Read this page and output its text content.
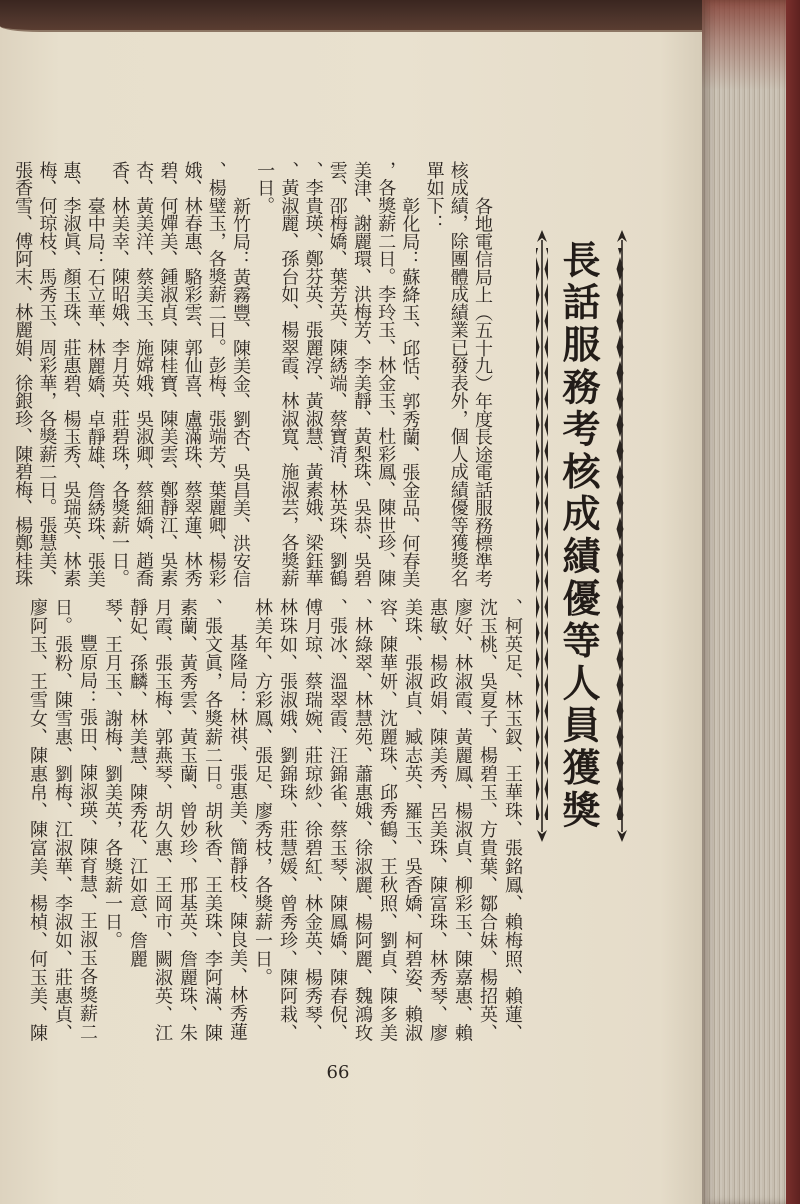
長話服務考核成績優等人員獲獎

各地電信局上（五十九）年度長途電話服務標準考

核成績，除團體成績業已發表外，個人成績優等獲獎名

單如下：

彰化局：蘇絳玉、邱恬、郭秀蘭、張金品、何春美

，各獎薪二日。李玲玉、林金玉、杜彩鳳、陳世珍、陳

美津、謝麗環、洪梅芳、李美靜、黃梨珠、吳恭、吳碧

雲、邵梅嬌、葉芳英、陳綉端、蔡寶清、林英珠、劉鶴

、李貴瑛、鄭芬英、張麗淳、黃淑慧、黃素娥、梁鈺華

、黃淑麗、孫台如、楊翠霞、林淑寬、施淑芸，各獎薪

一日。

新竹局：黃霧豐、陳美金、劉杏、吳昌美、洪安信

、楊璧玉，各獎薪二日。彭梅、張端芳、葉麗卿、楊彩

娥、林春惠、駱彩雲、郭仙喜、盧滿珠、蔡翠蓮、林秀

碧、何嬋美、鍾淑貞、陳桂寶、陳美雲、鄭靜江、吳素

杏、黃美洋、蔡美玉、施嫦娥、吳淑卿、蔡細嬌、趙喬

香、林美幸、陳昭娥、李月英、莊碧珠，各獎薪一日。

臺中局：石立華、林麗嬌、卓靜雄、詹綉珠、張美

惠、李淑眞、顏玉珠、莊惠碧、楊玉秀、吳瑞英、林素

梅、何琼枝、馬秀玉、周彩華，各獎薪二日。張慧美、

張香雪、傅阿末、林麗娟、徐銀珍、陳碧梅、楊鄭桂珠

、柯英足、林玉釵、王華珠、張銘鳳、賴梅照、賴蓮、

沈玉桃、吳夏子、楊碧玉、方貴葉、鄒合妹、楊招英、

廖好、林淑霞、黃麗鳳、楊淑貞、柳彩玉、陳嘉惠、賴

惠敏、楊政娟、陳美秀、呂美珠、陳富珠、林秀琴、廖

美珠、張淑貞、臧志英、羅玉、吳香嬌、柯碧姿、賴淑

容、陳華妍、沈麗珠、邱秀鶴、王秋照、劉貞、陳多美

、林綠翠、林慧苑、蕭惠娥、徐淑麗、楊阿麗、魏鴻玫

、張冰、溫翠霞、汪錦雀、蔡玉琴、陳鳳嬌、陳春倪、

傅月琼、蔡瑞婉、莊琼紗、徐碧紅、林金英、楊秀琴、

林珠如、張淑娥、劉錦珠、莊慧媛、曾秀珍、陳阿栽、

林美年、方彩鳳、張足、廖秀枝，各獎薪一日。

基隆局：林祺、張惠美、簡靜枝、陳良美、林秀蓮

、張文眞，各獎薪二日。胡秋香、王美珠、李阿滿、陳

素蘭、黃秀雲、黃玉蘭、曾妙珍、邢基英、詹麗珠、朱

月霞、張玉梅、郭燕琴、胡久惠、王岡市、闕淑英、江

靜妃、孫麟、林美慧、陳秀花、江如意、詹麗

琴、王月玉、謝梅、劉美英，各獎薪一日。

豐原局：張田、陳淑瑛、陳育慧、王淑玉各獎薪二

日。張粉、陳雪惠、劉梅、江淑華、李淑如、莊惠貞、

廖阿玉、王雪女、陳惠帛、陳富美、楊楨、何玉美、陳

66
